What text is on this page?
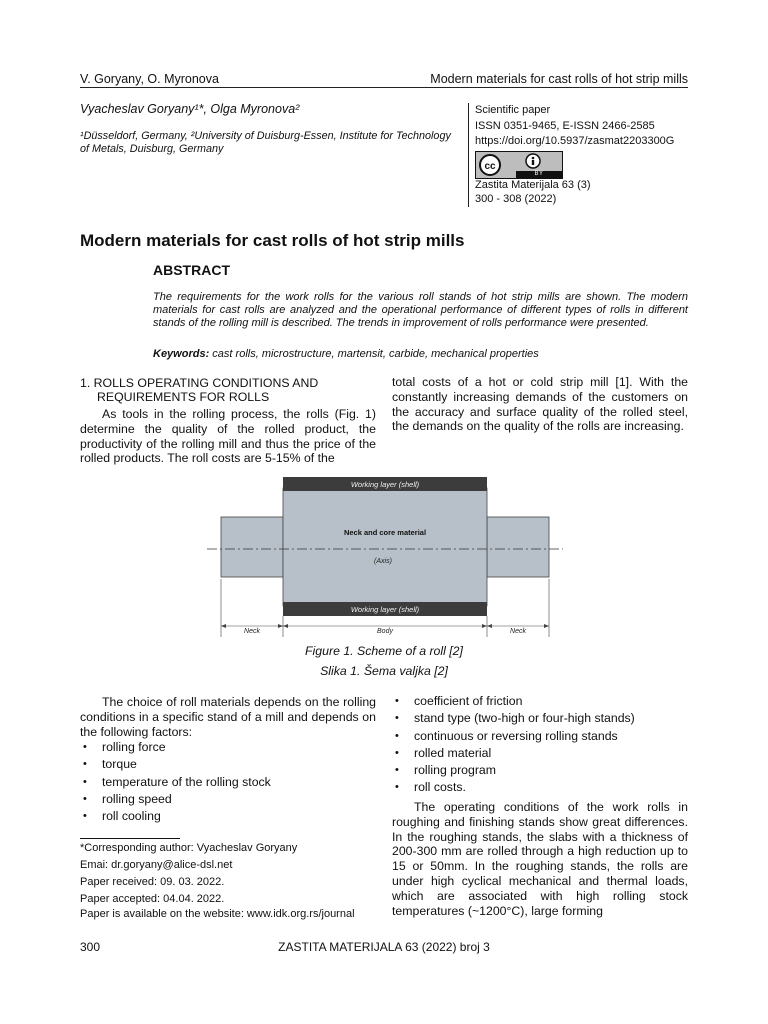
V. Goryany, O. Myronova	Modern materials for cast rolls of hot strip mills
Vyacheslav Goryany¹*, Olga Myronova²
¹Düsseldorf, Germany, ²University of Duisburg-Essen, Institute for Technology of Metals, Duisburg, Germany
Scientific paper
ISSN 0351-9465, E-ISSN 2466-2585
https://doi.org/10.5937/zasmat2203300G
cc
BY
Zastita Materijala 63 (3)
300 - 308 (2022)
Modern materials for cast rolls of hot strip mills
ABSTRACT
The requirements for the work rolls for the various roll stands of hot strip mills are shown. The modern materials for cast rolls are analyzed and the operational performance of different types of rolls in different stands of the rolling mill is described. The trends in improvement of rolls performance were presented.
Keywords: cast rolls, microstructure, martensit, carbide, mechanical properties
1. ROLLS OPERATING CONDITIONS AND
REQUIREMENTS FOR ROLLS
As tools in the rolling process, the rolls (Fig. 1) determine the quality of the rolled product, the productivity of the rolling mill and thus the price of the rolled products. The roll costs are 5-15% of the
total costs of a hot or cold strip mill [1]. With the constantly increasing demands of the customers on the accuracy and surface quality of the rolled steel, the demands on the quality of the rolls are increasing.
Working layer (shell)
Neck and core material
(Axis)
Working layer (shell)
Neck	Body	Neck
Figure 1. Scheme of a roll [2]
Slika 1. Šema valjka [2]
The choice of roll materials depends on the rolling conditions in a specific stand of a mill and depends on the following factors:
• rolling force
• torque
• temperature of the rolling stock
• rolling speed
• roll cooling
• coefficient of friction
• stand type (two-high or four-high stands)
• continuous or reversing rolling stands
• rolled material
• rolling program
• roll costs.
The operating conditions of the work rolls in roughing and finishing stands show great differences. In the roughing stands, the slabs with a thickness of 200-300 mm are rolled through a high reduction up to 15 or 50mm. In the roughing stands, the rolls are under high cyclical mechanical and thermal loads, which are associated with high rolling stock temperatures (~1200°C), large forming
*Corresponding author: Vyacheslav Goryany
Emai: dr.goryany@alice-dsl.net
Paper received: 09. 03. 2022.
Paper accepted: 04.04. 2022.
Paper is available on the website: www.idk.org.rs/journal
300	ZASTITA MATERIJALA 63 (2022) broj 3
